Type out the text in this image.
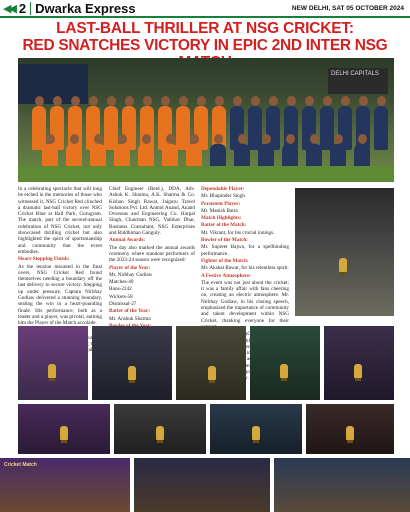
◀◀ 2 Dwarka Express	NEW DELHI, SAT 05 OCTOBER 2024
LAST-BALL THRILLER AT NSG CRICKET:
RED SNATCHES VICTORY IN EPIC 2ND INTER NSG
DELHI CAPITALS

In a celebrating spectacle that will long be etched in the memories of those who witnessed it, NSG Cricket Red clinched a dramatic last-ball victory over NSG Cricket Blue at Ball Park, Gurugram. The match, part of the second-annual celebration of NSG Cricket, not only showcased thrilling cricket but also highlighted the spirit of sportsmanship and community that the event embodies.

Heart-Stopping Finish:

As the tension mounted in the final overs, NSG Cricket Red found themselves needing a boundary off the last delivery to secure victory. Stepping up under pressure, Captain Nirbhay Godiaw delivered a stunning boundary, sealing the win in a heart-pounding finale. His performance, both as a leader and a player, was pivotal, earning him the Player of the Match accolade.

Chief Engineer (Retd.), DDA, Adv. Ashok K. Sharma, A.K. Sharma & Co. Kishan Singh Rawat, Jaiguru Travel Solutions Pvt. Ltd. Anmol Anand, Anand Overseas and Engineering Co. Harpal Singh, Chairman NSG, Vaibhav Dhar, Business Consultant, NSG Enterprises and Riddhiman Ganguly.

Annual Awards:

The day also marked the annual awards ceremony where standout performers of the 2023-24 season were recognized:

Player of the Year:

Mr. Nirbhay Godiaw

Matches-40

Runs-2242

Wickets-58

Dismissal-27

Batter of the Year:

Mr. Anshuk Sharma

Dependable Player:

Mr. Bhupinder Singh

Persistent Player:

Mr. Manish Batra

Match Highlights:

Batter of the Match:

Mr. Vikrant, for his crucial innings.

Bowler of the Match:

Mr. Supreet Bajwa, for a spellbinding performance.

Fighter of the Match:

Mr. Akshat Rawat, for his relentless spirit.

A Festive Atmosphere:

The event was not just about the cricket; it was a family affair with fans cheering on, creating an electric atmosphere. Mr. Nirbhay Godiaw, in his closing speech, emphasized the importance of community and talent development within NSG Cricket, thanking everyone for their

with remembered

Cricket Match
